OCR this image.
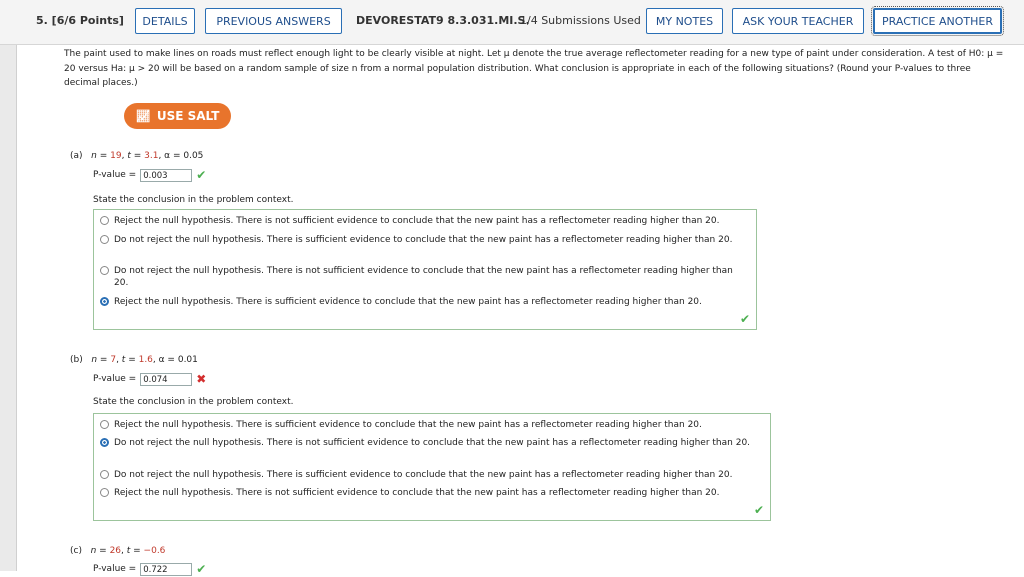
5. [6/6 Points]	DETAILS	PREVIOUS ANSWERS	DEVORESTAT9 8.3.031.MI.S.
1/4 Submissions Used	MY NOTES	ASK YOUR TEACHER	PRACTICE ANOTHER
The paint used to make lines on roads must reflect enough light to be clearly visible at night. Let μ denote the true average reflectometer reading for a new type of paint under consideration. A test of H0: μ = 20 versus Ha: μ > 20 will be based on a random sample of size n from a normal population distribution. What conclusion is appropriate in each of the following situations? (Round your P-values to three decimal places.)
📈︎ USE SALT
(a) n = 19, t = 3.1, α = 0.05
P-value = 0.003	✔
State the conclusion in the problem context.
Reject the null hypothesis. There is not sufficient evidence to conclude that the new paint has a reflectometer reading higher than 20.
Do not reject the null hypothesis. There is sufficient evidence to conclude that the new paint has a reflectometer reading higher than 20.
Do not reject the null hypothesis. There is not sufficient evidence to conclude that the new paint has a reflectometer reading higher than 20.
Reject the null hypothesis. There is sufficient evidence to conclude that the new paint has a reflectometer reading higher than 20.
✔
(b) n = 7, t = 1.6, α = 0.01
P-value = 0.074	✖
State the conclusion in the problem context.
Reject the null hypothesis. There is sufficient evidence to conclude that the new paint has a reflectometer reading higher than 20.
Do not reject the null hypothesis. There is not sufficient evidence to conclude that the new paint has a reflectometer reading higher than 20.
Do not reject the null hypothesis. There is sufficient evidence to conclude that the new paint has a reflectometer reading higher than 20.
Reject the null hypothesis. There is not sufficient evidence to conclude that the new paint has a reflectometer reading higher than 20.
✔
(c) n = 26, t = −0.6
P-value = 0.722	✔
